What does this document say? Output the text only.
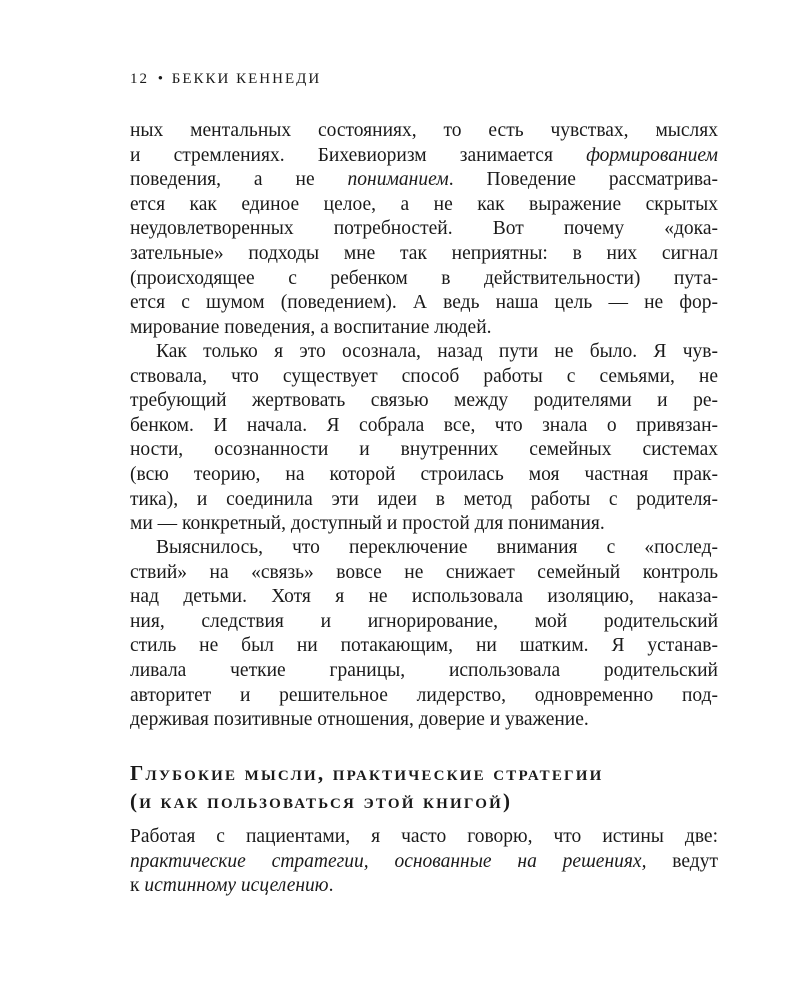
12 • БЕККИ КЕННЕДИ
ных ментальных состояниях, то есть чувствах, мыслях
и стремлениях. Бихевиоризм занимается формированием
поведения, а не пониманием. Поведение рассматрива-
ется как единое целое, а не как выражение скрытых
неудовлетворенных потребностей. Вот почему «дока-
зательные» подходы мне так неприятны: в них сигнал
(происходящее с ребенком в действительности) пута-
ется с шумом (поведением). А ведь наша цель — не фор-
мирование поведения, а воспитание людей.
Как только я это осознала, назад пути не было. Я чув-
ствовала, что существует способ работы с семьями, не
требующий жертвовать связью между родителями и ре-
бенком. И начала. Я собрала все, что знала о привязан-
ности, осознанности и внутренних семейных системах
(всю теорию, на которой строилась моя частная прак-
тика), и соединила эти идеи в метод работы с родителя-
ми — конкретный, доступный и простой для понимания.
Выяснилось, что переключение внимания с «послед-
ствий» на «связь» вовсе не снижает семейный контроль
над детьми. Хотя я не использовала изоляцию, наказа-
ния, следствия и игнорирование, мой родительский
стиль не был ни потакающим, ни шатким. Я устанав-
ливала четкие границы, использовала родительский
авторитет и решительное лидерство, одновременно под-
держивая позитивные отношения, доверие и уважение.
Глубокие мысли, практические стратегии
(и как пользоваться этой книгой)
Работая с пациентами, я часто говорю, что истины две:
практические стратегии, основанные на решениях, ведут
к истинному исцелению.
